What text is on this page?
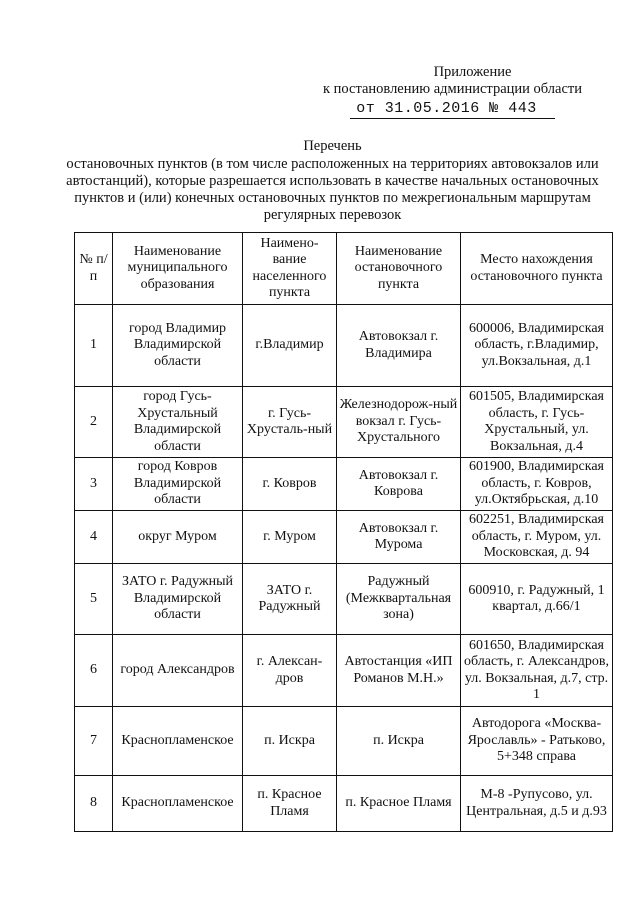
Приложение
к постановлению администрации области
от 31.05.2016 № 443
Перечень
остановочных пунктов (в том числе расположенных на территориях автовокзалов или автостанций), которые разрешается использовать в качестве начальных остановочных пунктов и (или) конечных остановочных пунктов по межрегиональным маршрутам регулярных перевозок
№ п/п	Наименование муниципального образования	Наимено-вание населенного пункта	Наименование остановочного пункта	Место нахождения остановочного пункта
1	город Владимир Владимирской области	г.Владимир	Автовокзал г. Владимира	600006, Владимирская область, г.Владимир, ул.Вокзальная, д.1
2	город Гусь-Хрустальный Владимирской области	г. Гусь-Хрусталь-ный	Железнодорож-ный вокзал г. Гусь-Хрустального	601505, Владимирская область, г. Гусь-Хрустальный, ул. Вокзальная, д.4
3	город Ковров Владимирской области	г. Ковров	Автовокзал г. Коврова	601900, Владимирская область, г. Ковров, ул.Октябрьская, д.10
4	округ Муром	г. Муром	Автовокзал г. Мурома	602251, Владимирская область, г. Муром, ул. Московская, д. 94
5	ЗАТО г. Радужный Владимирской области	ЗАТО г. Радужный	Радужный (Межквартальная зона)	600910, г. Радужный, 1 квартал, д.66/1
6	город Александров	г. Алексан-дров	Автостанция «ИП Романов М.Н.»	601650, Владимирская область, г. Александров, ул. Вокзальная, д.7, стр. 1
7	Краснопламенское	п. Искра	п. Искра	Автодорога «Москва-Ярославль» - Ратьково, 5+348 справа
8	Краснопламенское	п. Красное Пламя	п. Красное Пламя	М-8 -Рупусово, ул. Центральная, д.5 и д.93
